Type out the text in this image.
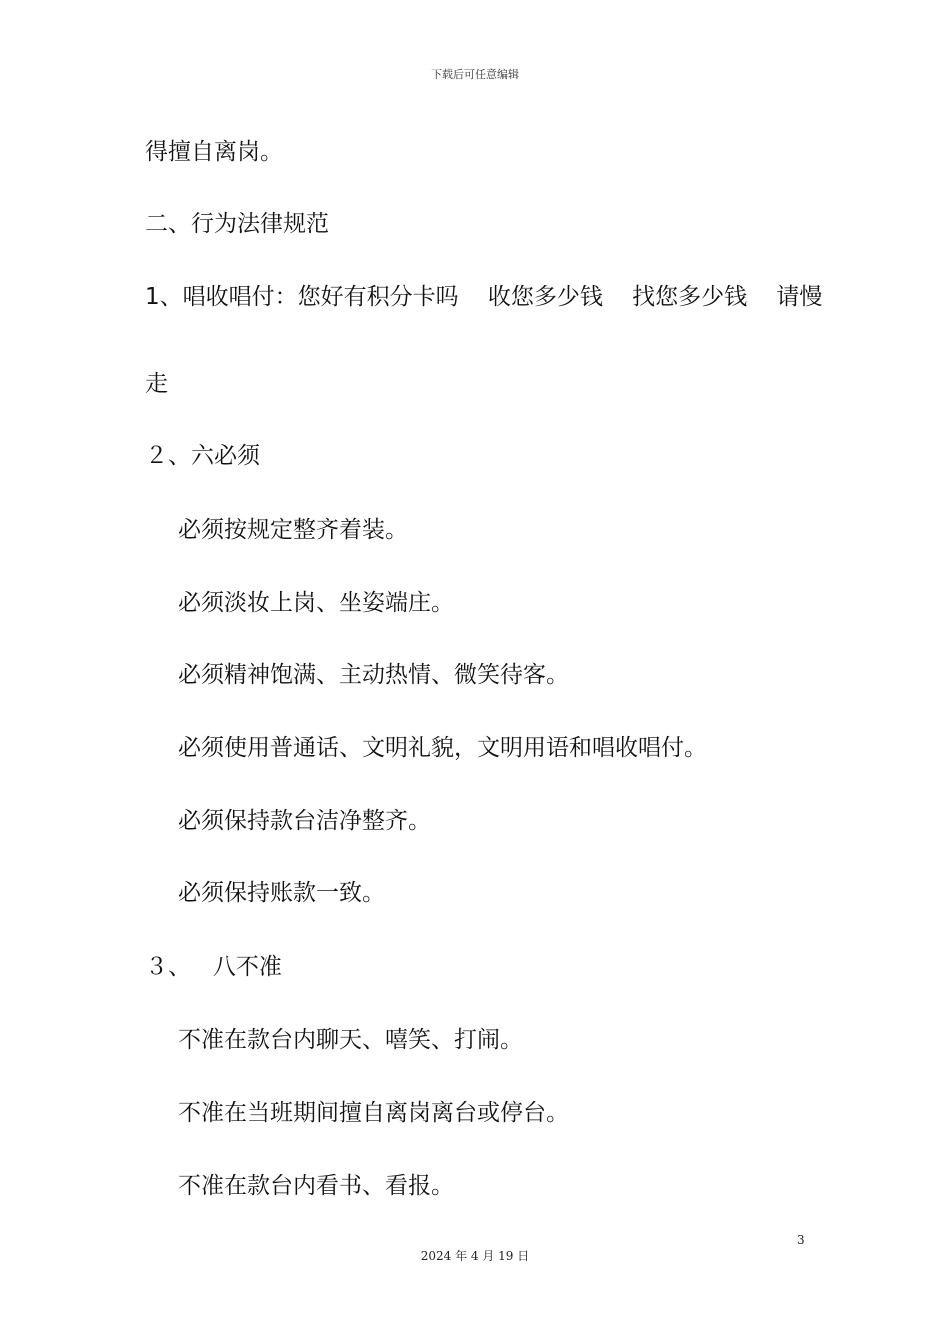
下载后可任意编辑
得擅自离岗。
二、行为法律规范
1、唱收唱付：您好有积分卡吗    收您多少钱    找您多少钱    请慢
走
２、六必须
必须按规定整齐着装。
必须淡妆上岗、坐姿端庄。
必须精神饱满、主动热情、微笑待客。
必须使用普通话、文明礼貌，文明用语和唱收唱付。
必须保持款台洁净整齐。
必须保持账款一致。
３、   八不准
不准在款台内聊天、嘻笑、打闹。
不准在当班期间擅自离岗离台或停台。
不准在款台内看书、看报。
3
2024 年 4 月 19 日
